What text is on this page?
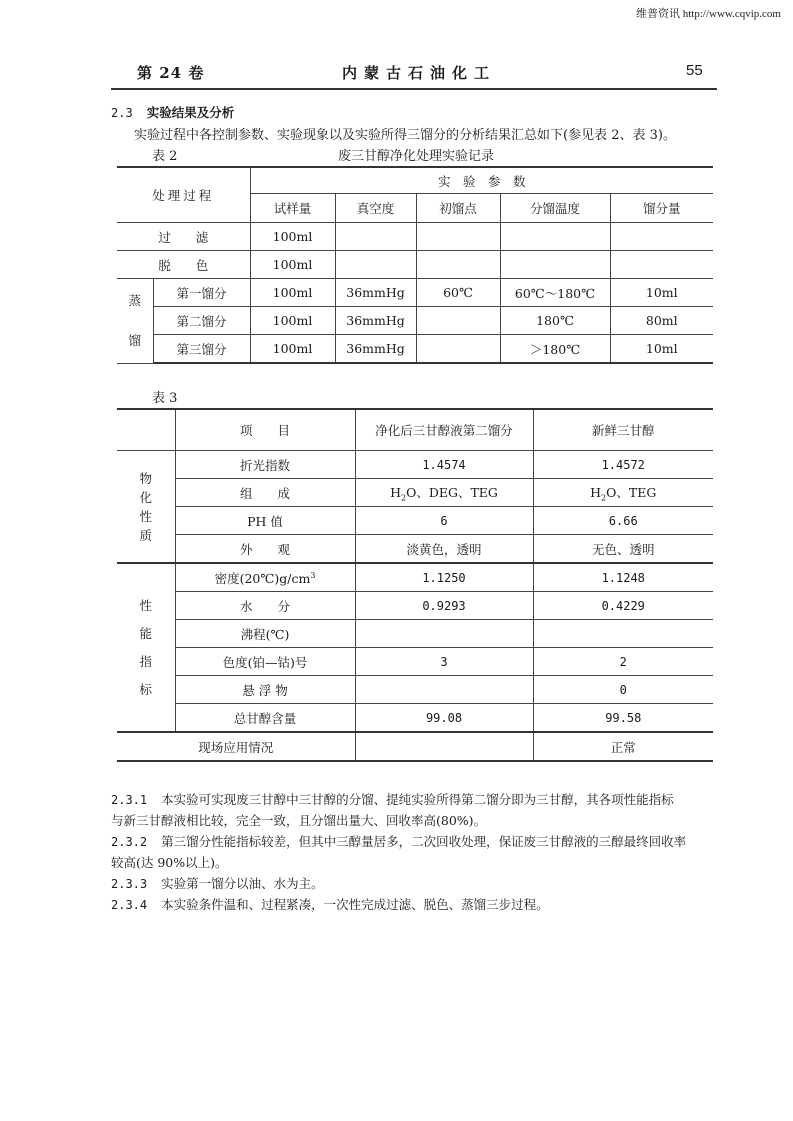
维普资讯 http://www.cqvip.com
第 24 卷	内蒙古石油化工	55
2.3 实验结果及分析
实验过程中各控制参数、实验现象以及实验所得三馏分的分析结果汇总如下(参见表 2、表 3)。
表 2	废三甘醇净化处理实验记录
处理过程		实　验　参　数				
		试样量	真空度	初馏点	分馏温度	馏分量
过　　滤		100ml				
脱　　色		100ml				

蒸
馏	第一馏分	100ml	36mmHg	60℃	60℃～180℃	10ml
	第二馏分	100ml	36mmHg		180℃	80ml
	第三馏分	100ml	36mmHg		＞180℃	10ml
表 3
	项　　目	净化后三甘醇液第二馏分	新鲜三甘醇

物
化
性
质	折光指数	1.4574	1.4572
	组　　成	$H_2O$、DEG、TEG	$H_2O$、TEG
	PH 值	6	6.66
	外　　观	淡黄色，透明	无色、透明

性
能
指
标	密度$(20℃)g/cm^3$	1.1250	1.1248
	水　　分	0.9293	0.4229
	沸程(℃)		
	色度(铂—钴)号	3	2
	悬 浮 物		0
	总甘醇含量	99.08	99.58
现场应用情况			正常
2.3.1 本实验可实现废三甘醇中三甘醇的分馏、提纯实验所得第二馏分即为三甘醇，其各项性能指标
与新三甘醇液相比较，完全一致，且分馏出量大、回收率高(80%)。
2.3.2 第三馏分性能指标较差，但其中三醇量居多，二次回收处理，保证废三甘醇液的三醇最终回收率
较高(达 90%以上)。
2.3.3 实验第一馏分以油、水为主。
2.3.4 本实验条件温和、过程紧凑，一次性完成过滤、脱色、蒸馏三步过程。
